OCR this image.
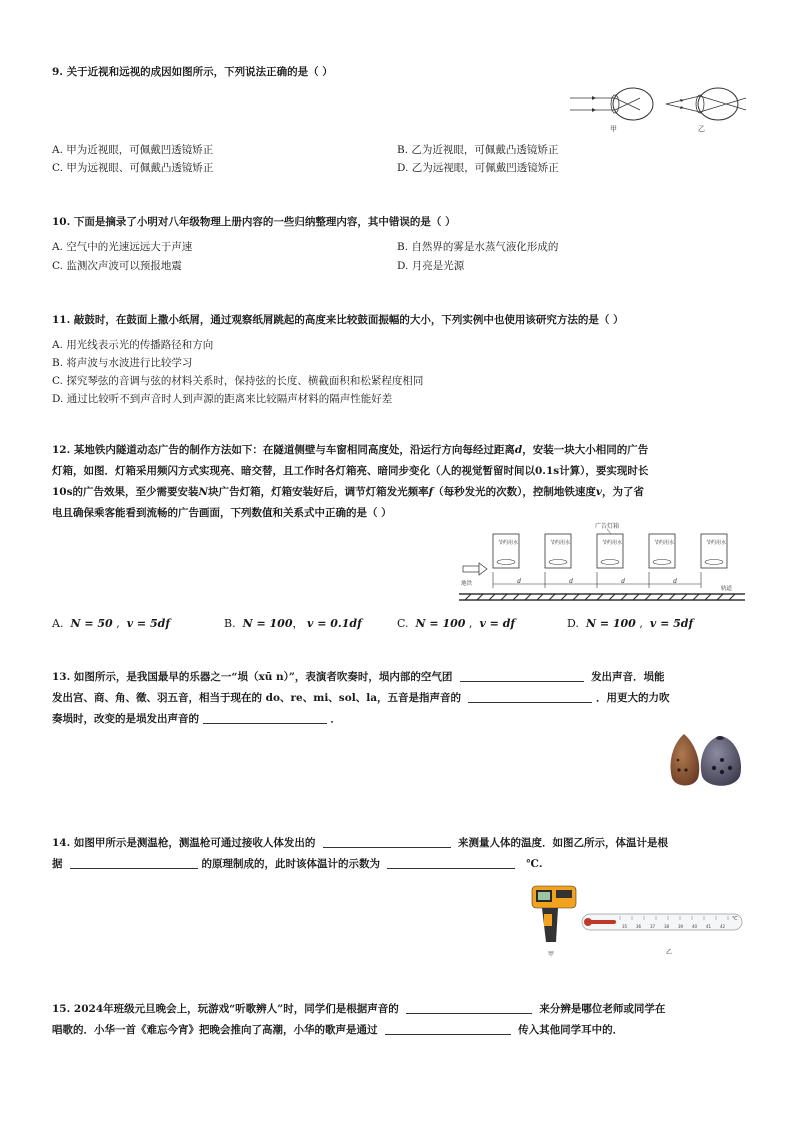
9. 关于近视和远视的成因如图所示，下列说法正确的是（ ）
甲	乙
A. 甲为近视眼，可佩戴凹透镜矫正	B. 乙为近视眼，可佩戴凸透镜矫正
C. 甲为远视眼、可佩戴凸透镜矫正	D. 乙为远视眼，可佩戴凹透镜矫正
10. 下面是摘录了小明对八年级物理上册内容的一些归纳整理内容，其中错误的是（ ）
A. 空气中的光速远远大于声速	B. 自然界的雾是水蒸气液化形成的
C. 监测次声波可以预报地震	D. 月亮是光源
11. 敲鼓时，在鼓面上撒小纸屑，通过观察纸屑跳起的高度来比较鼓面振幅的大小，下列实例中也使用该研究方法的是（ ）
A. 用光线表示光的传播路径和方向
B. 将声波与水波进行比较学习
C. 探究琴弦的音调与弦的材料关系时，保持弦的长度、横截面积和松紧程度相同
D. 通过比较听不到声音时人到声源的距离来比较隔声材料的隔声性能好差
12. 某地铁内隧道动态广告的制作方法如下：在隧道侧壁与车窗相同高度处，沿运行方向每经过距离d，安装一块大小相同的广告
灯箱，如图．灯箱采用频闪方式实现亮、暗交替，且工作时各灯箱亮、暗同步变化（人的视觉暂留时间以0.1s计算），要实现时长
10s的广告效果，至少需要安装N块广告灯箱，灯箱安装好后，调节灯箱发光频率f（每秒发光的次数），控制地铁速度v，为了省
电且确保乘客能看到流畅的广告画面，下列数值和关系式中正确的是（ ）
广告灯箱
节约用水	节约用水	节约用水	节约用水	节约用水
地铁	d	d	d	d
轨道
A. N = 50 ,  v = 5df	B. N = 100， v = 0.1df	C. N = 100 ,  v = df	D. N = 100 ,  v = 5df
13. 如图所示，是我国最早的乐器之一“埙（xū n）”，表演者吹奏时，埙内部的空气团	发出声音．埙能
发出宫、商、角、徵、羽五音，相当于现在的 do、re、mi、sol、la，五音是指声音的	．用更大的力吹
奏埙时，改变的是埙发出声音的	．
14. 如图甲所示是测温枪，测温枪可通过接收人体发出的	来测量人体的温度．如图乙所示，体温计是根
据	的原理制成的，此时该体温计的示数为	℃.
甲
35 36 37 38 39 40 41 42
℃
乙
15. 2024年班级元旦晚会上，玩游戏“听歌辨人”时，同学们是根据声音的	来分辨是哪位老师或同学在
唱歌的．小华一首《难忘今宵》把晚会推向了高潮，小华的歌声是通过	传入其他同学耳中的．
